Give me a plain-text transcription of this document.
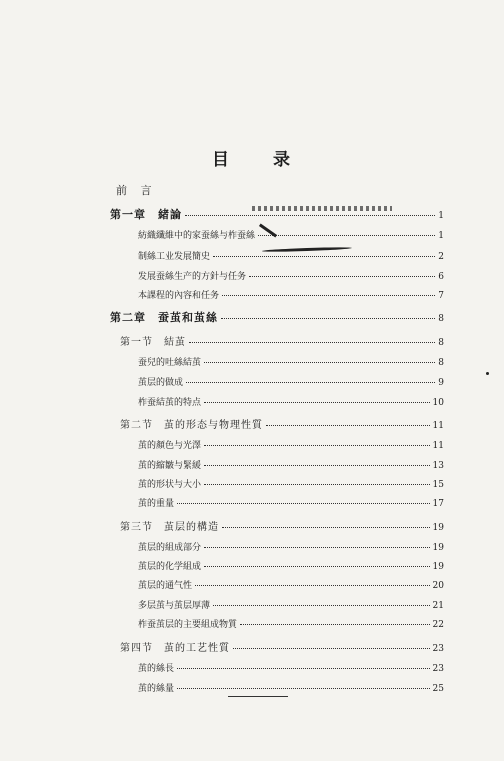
目 录
前 言
第一章　緒論	1
紡織纖維中的家蚕絲与柞蚕絲	1
制絲工业发展簡史	2
发展蚕絲生产的方針与任务	6
本課程的內容和任务	7
第二章　蚕茧和茧絲	8
第一节　結茧	8
蚕兒的吐絲結茧	8
茧层的做成	9
柞蚕結茧的特点	10
第二节　茧的形态与物理性質	11
茧的顏色与光澤	11
茧的縮皺与緊緩	13
茧的形状与大小	15
茧的重量	17
第三节　茧层的構造	19
茧层的組成部分	19
茧层的化学組成	19
茧层的通气性	20
多层茧与茧层厚薄	21
柞蚕茧层的主要組成物質	22
第四节　茧的工艺性質	23
茧的絲長	23
茧的絲量	25
